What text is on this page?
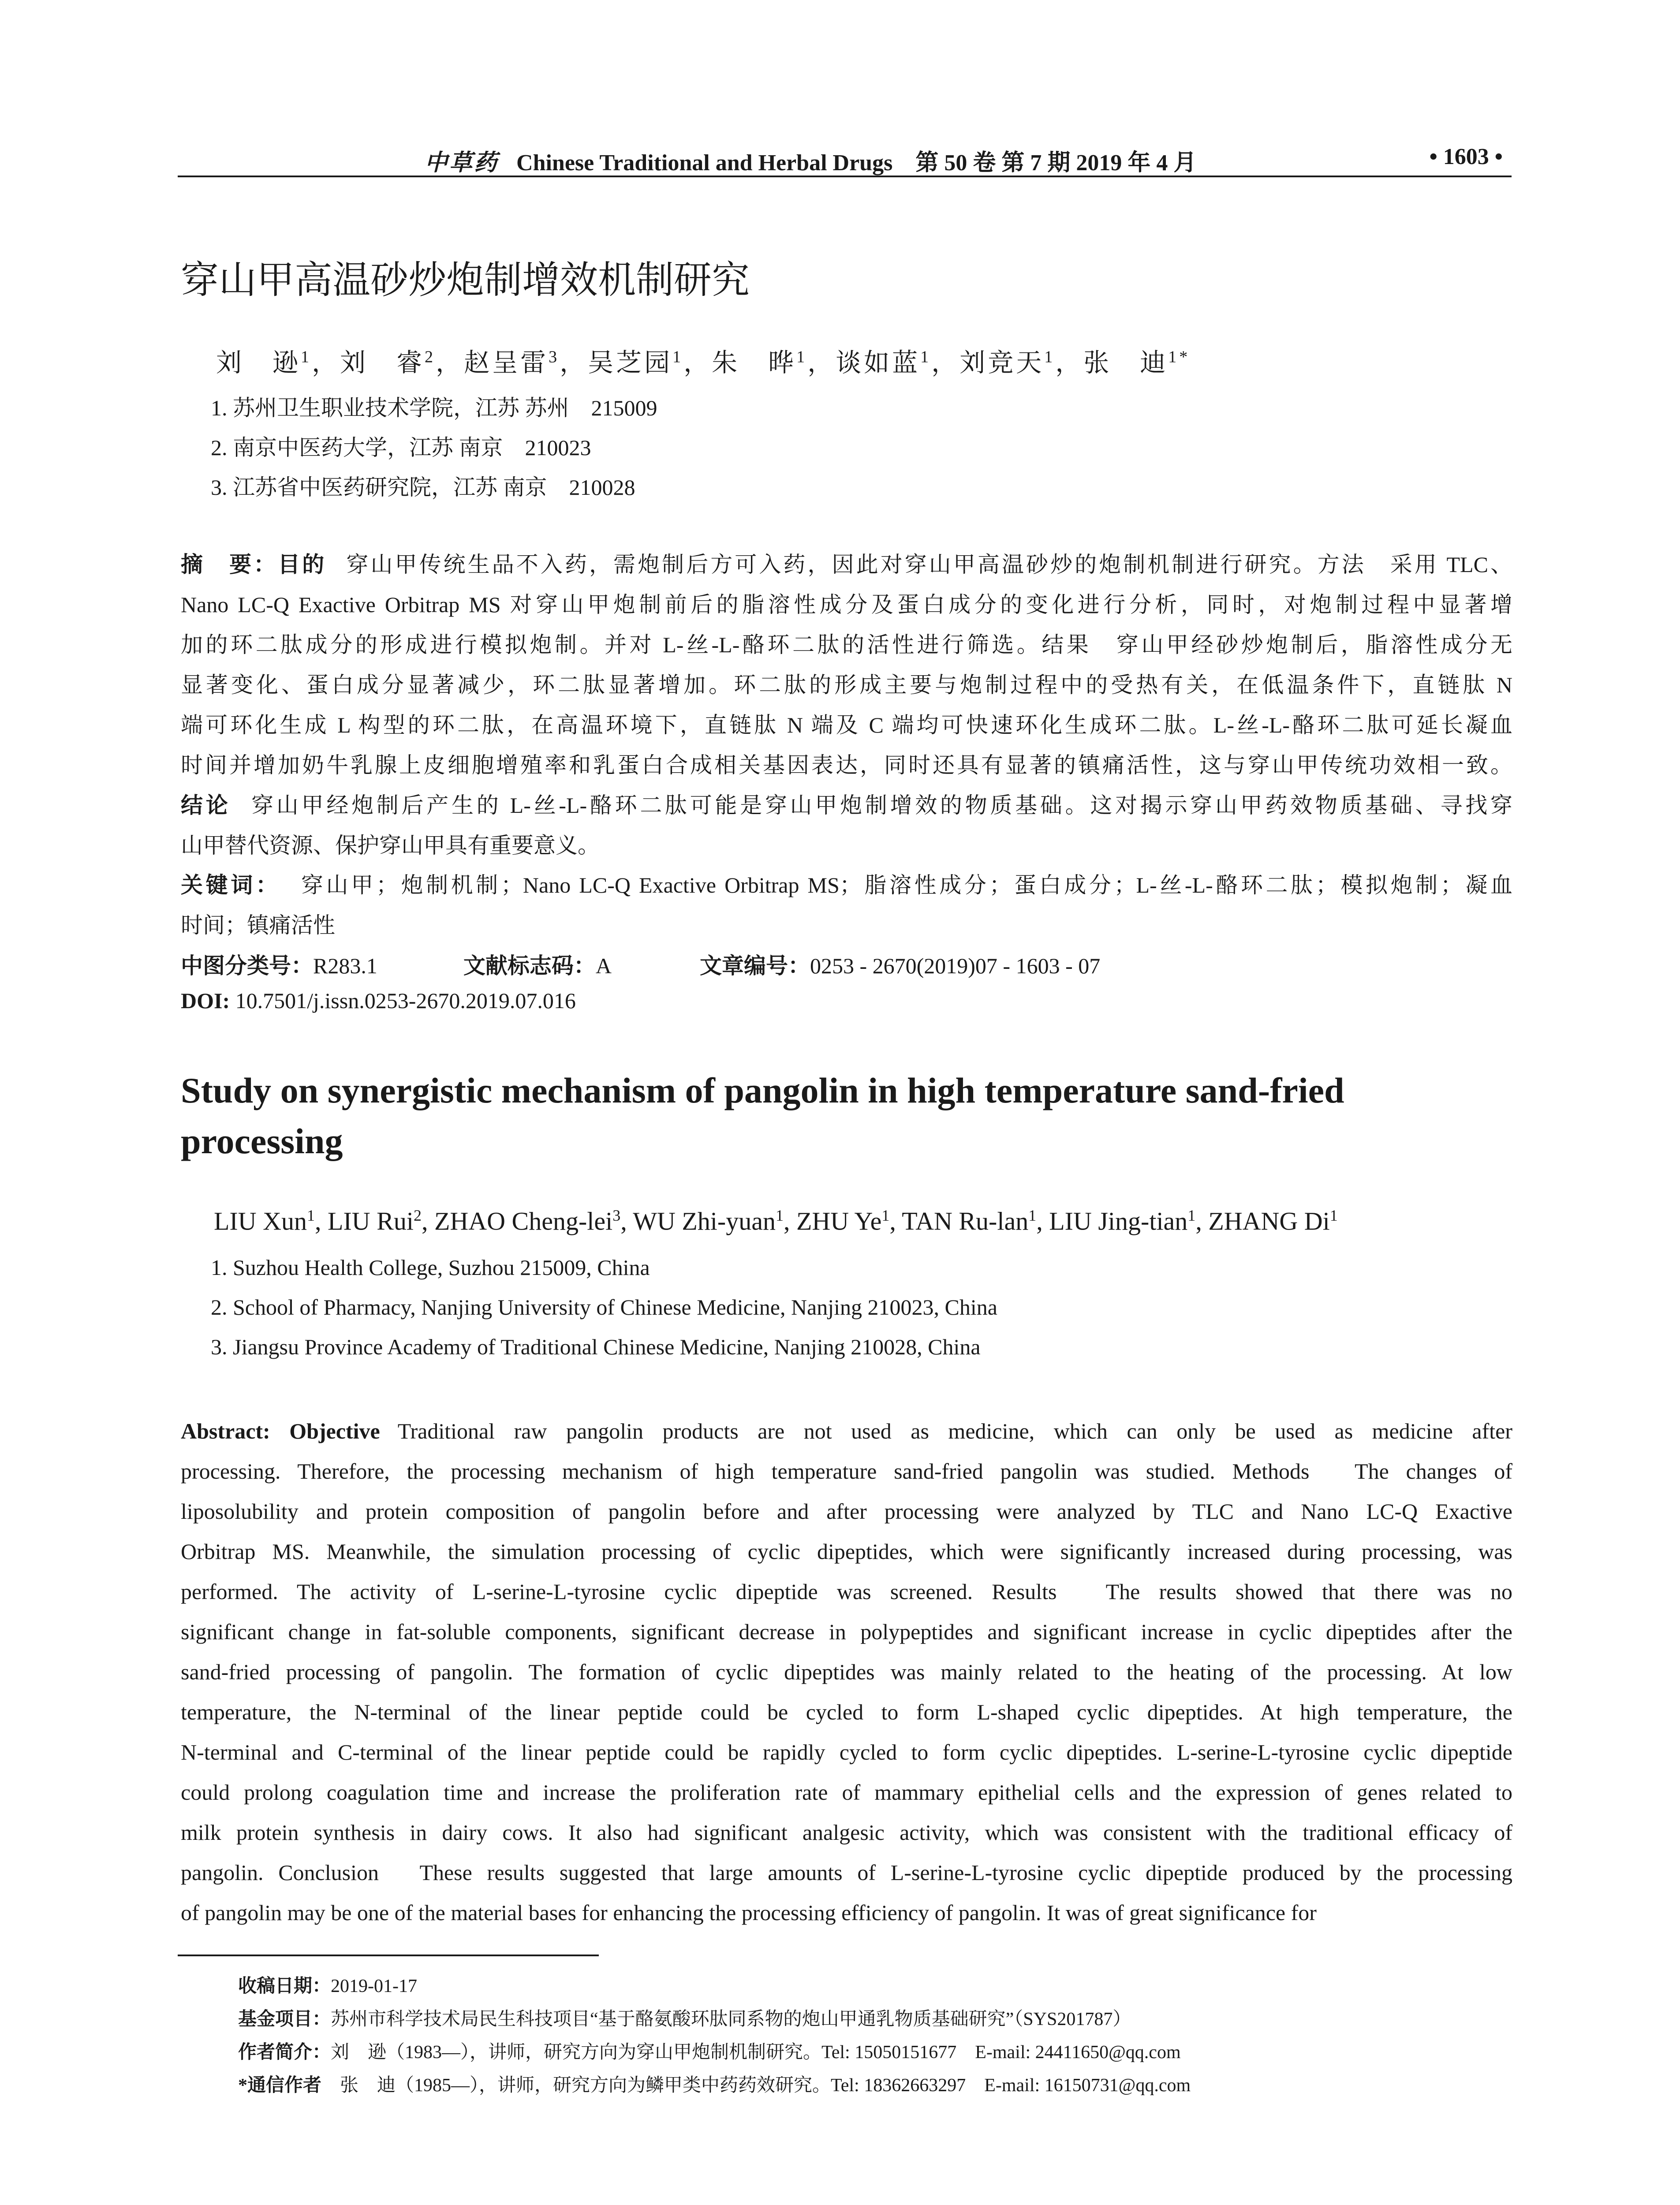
中草药 Chinese Traditional and Herbal Drugs　第 50 卷 第 7 期 2019 年 4 月	• 1603 •
穿山甲高温砂炒炮制增效机制研究
刘　逊$^1$，刘　睿$^2$，赵呈雷$^3$，吴芝园$^1$，朱　晔$^1$，谈如蓝$^1$，刘竞天$^1$，张　迪$^{1*}$
1. 苏州卫生职业技术学院，江苏 苏州　215009
2. 南京中医药大学，江苏 南京　210023
3. 江苏省中医药研究院，江苏 南京　210028
摘　要：目的 穿山甲传统生品不入药，需炮制后方可入药，因此对穿山甲高温砂炒的炮制机制进行研究。方法　采用 TLC、
Nano LC-Q Exactive Orbitrap MS 对穿山甲炮制前后的脂溶性成分及蛋白成分的变化进行分析，同时，对炮制过程中显著增
加的环二肽成分的形成进行模拟炮制。并对 L-丝-L-酪环二肽的活性进行筛选。结果　穿山甲经砂炒炮制后，脂溶性成分无
显著变化、蛋白成分显著减少，环二肽显著增加。环二肽的形成主要与炮制过程中的受热有关，在低温条件下，直链肽 N
端可环化生成 L 构型的环二肽，在高温环境下，直链肽 N 端及 C 端均可快速环化生成环二肽。L-丝-L-酪环二肽可延长凝血
时间并增加奶牛乳腺上皮细胞增殖率和乳蛋白合成相关基因表达，同时还具有显著的镇痛活性，这与穿山甲传统功效相一致。
结论 穿山甲经炮制后产生的 L-丝-L-酪环二肽可能是穿山甲炮制增效的物质基础。这对揭示穿山甲药效物质基础、寻找穿
山甲替代资源、保护穿山甲具有重要意义。
关键词： 穿山甲；炮制机制；Nano LC-Q Exactive Orbitrap MS；脂溶性成分；蛋白成分；L-丝-L-酪环二肽；模拟炮制；凝血
时间；镇痛活性
中图分类号：R283.1	文献标志码：A	文章编号：0253 - 2670(2019)07 - 1603 - 07
DOI: 10.7501/j.issn.0253-2670.2019.07.016
Study on synergistic mechanism of pangolin in high temperature sand-fried processing
LIU Xun$^1$, LIU Rui$^2$, ZHAO Cheng-lei$^3$, WU Zhi-yuan$^1$, ZHU Ye$^1$, TAN Ru-lan$^1$, LIU Jing-tian$^1$, ZHANG Di$^1$
1. Suzhou Health College, Suzhou 215009, China
2. School of Pharmacy, Nanjing University of Chinese Medicine, Nanjing 210023, China
3. Jiangsu Province Academy of Traditional Chinese Medicine, Nanjing 210028, China
Abstract: Objective Traditional raw pangolin products are not used as medicine, which can only be used as medicine after
processing. Therefore, the processing mechanism of high temperature sand-fried pangolin was studied. Methods　The changes of
liposolubility and protein composition of pangolin before and after processing were analyzed by TLC and Nano LC-Q Exactive
Orbitrap MS. Meanwhile, the simulation processing of cyclic dipeptides, which were significantly increased during processing, was
performed. The activity of L-serine-L-tyrosine cyclic dipeptide was screened. Results　The results showed that there was no
significant change in fat-soluble components, significant decrease in polypeptides and significant increase in cyclic dipeptides after the
sand-fried processing of pangolin. The formation of cyclic dipeptides was mainly related to the heating of the processing. At low
temperature, the N-terminal of the linear peptide could be cycled to form L-shaped cyclic dipeptides. At high temperature, the
N-terminal and C-terminal of the linear peptide could be rapidly cycled to form cyclic dipeptides. L-serine-L-tyrosine cyclic dipeptide
could prolong coagulation time and increase the proliferation rate of mammary epithelial cells and the expression of genes related to
milk protein synthesis in dairy cows. It also had significant analgesic activity, which was consistent with the traditional efficacy of
pangolin. Conclusion　These results suggested that large amounts of L-serine-L-tyrosine cyclic dipeptide produced by the processing
of pangolin may be one of the material bases for enhancing the processing efficiency of pangolin. It was of great significance for
收稿日期：2019-01-17
基金项目：苏州市科学技术局民生科技项目“基于酪氨酸环肽同系物的炮山甲通乳物质基础研究”（SYS201787）
作者简介：刘　逊（1983—），讲师，研究方向为穿山甲炮制机制研究。Tel: 15050151677　E-mail: 24411650@qq.com
*通信作者　张　迪（1985—），讲师，研究方向为鳞甲类中药药效研究。Tel: 18362663297　E-mail: 16150731@qq.com
